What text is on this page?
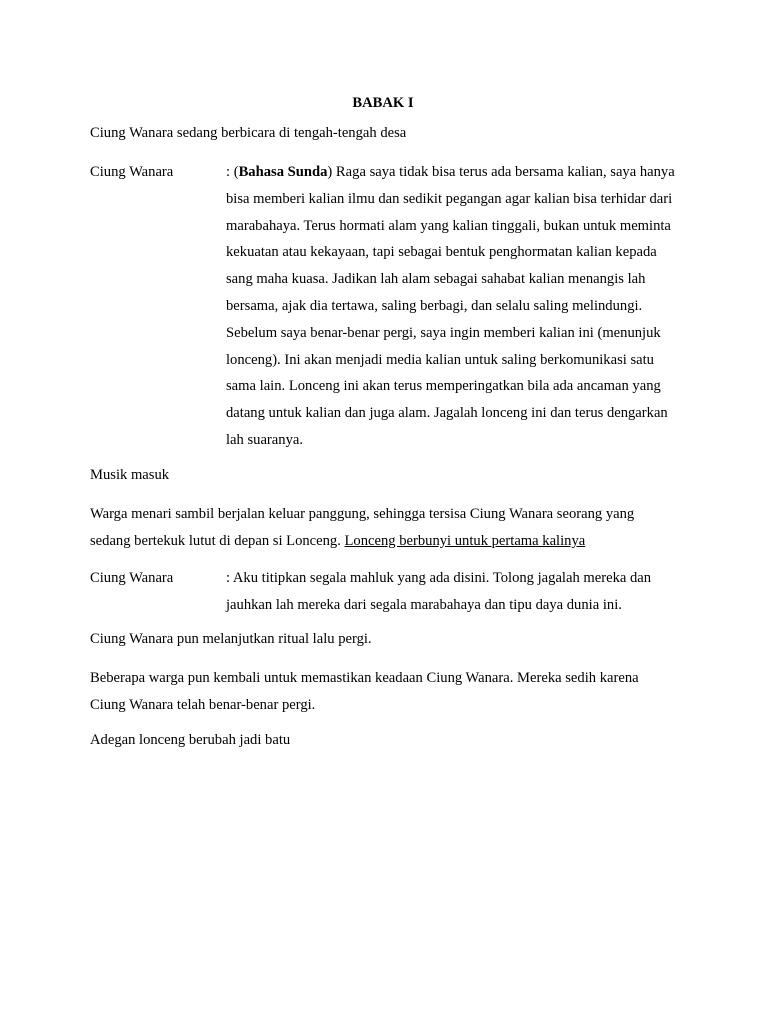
BABAK I
Ciung Wanara sedang berbicara di tengah-tengah desa
Ciung Wanara	: (Bahasa Sunda) Raga saya tidak bisa terus ada bersama kalian, saya hanya bisa memberi kalian ilmu dan sedikit pegangan agar kalian bisa terhidar dari marabahaya. Terus hormati alam yang kalian tinggali, bukan untuk meminta kekuatan atau kekayaan, tapi sebagai bentuk penghormatan kalian kepada sang maha kuasa. Jadikan lah alam sebagai sahabat kalian menangis lah bersama, ajak dia tertawa, saling berbagi, dan selalu saling melindungi. Sebelum saya benar-benar pergi, saya ingin memberi kalian ini (menunjuk lonceng). Ini akan menjadi media kalian untuk saling berkomunikasi satu sama lain. Lonceng ini akan terus memperingatkan bila ada ancaman yang datang untuk kalian dan juga alam. Jagalah lonceng ini dan terus dengarkan lah suaranya.
Musik masuk
Warga menari sambil berjalan keluar panggung, sehingga tersisa Ciung Wanara seorang yang sedang bertekuk lutut di depan si Lonceng. Lonceng berbunyi untuk pertama kalinya
Ciung Wanara	: Aku titipkan segala mahluk yang ada disini. Tolong jagalah mereka dan jauhkan lah mereka dari segala marabahaya dan tipu daya dunia ini.
Ciung Wanara pun melanjutkan ritual lalu pergi.
Beberapa warga pun kembali untuk memastikan keadaan Ciung Wanara. Mereka sedih karena Ciung Wanara telah benar-benar pergi.
Adegan lonceng berubah jadi batu
